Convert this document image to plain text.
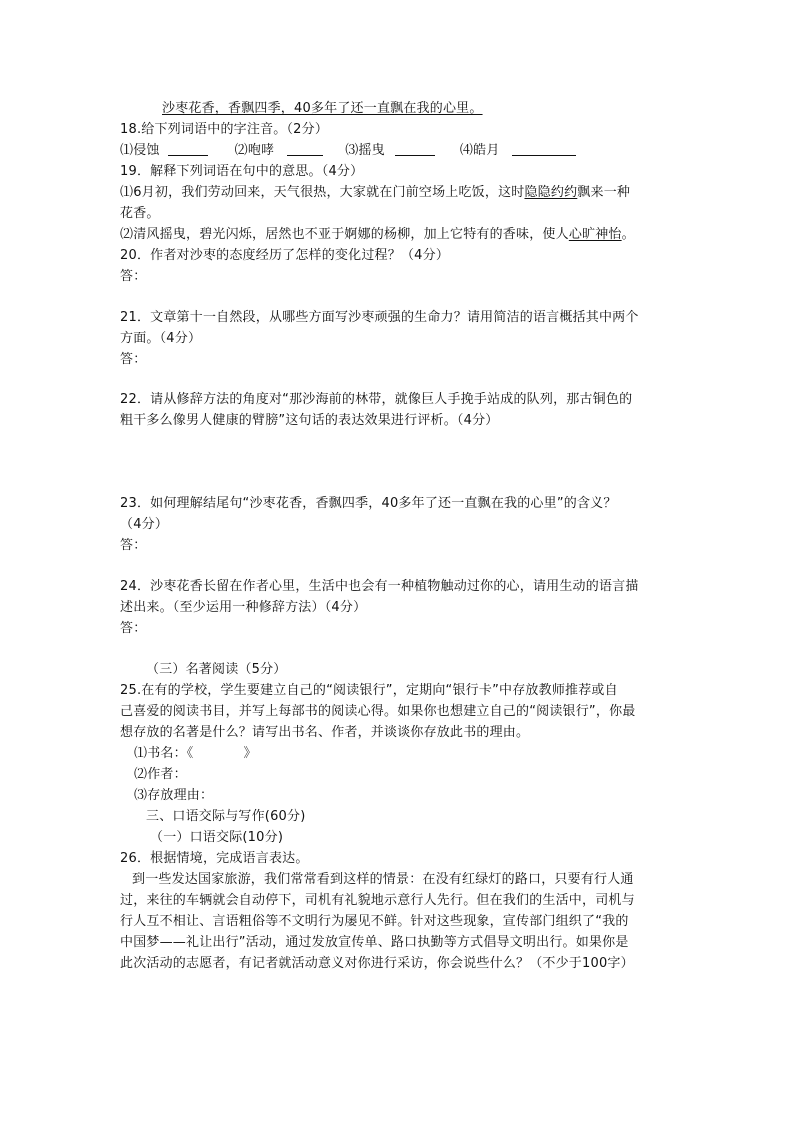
沙枣花香，香飘四季，40多年了还一直飘在我的心里。
18.给下列词语中的字注音。（2分）
⑴侵蚀	⑵咆哮	⑶摇曳	⑷皓月
19．解释下列词语在句中的意思。（4分）
⑴6月初，我们劳动回来，天气很热，大家就在门前空场上吃饭，这时隐隐约约飘来一种
花香。
⑵清风摇曳，碧光闪烁，居然也不亚于婀娜的杨柳，加上它特有的香味，使人心旷神怡。
20．作者对沙枣的态度经历了怎样的变化过程？（4分）
答：
21．文章第十一自然段，从哪些方面写沙枣顽强的生命力？请用简洁的语言概括其中两个
方面。（4分）
答：
22．请从修辞方法的角度对“那沙海前的林带，就像巨人手挽手站成的队列，那古铜色的
粗干多么像男人健康的臂膀”这句话的表达效果进行评析。（4分）
23．如何理解结尾句“沙枣花香，香飘四季，40多年了还一直飘在我的心里”的含义？
（4分）
答：
24．沙枣花香长留在作者心里，生活中也会有一种植物触动过你的心，请用生动的语言描
述出来。（至少运用一种修辞方法）（4分）
答：
（三）名著阅读（5分）
25.在有的学校，学生要建立自己的“阅读银行”，定期向“银行卡”中存放教师推荐或自
己喜爱的阅读书目，并写上每部书的阅读心得。如果你也想建立自己的“阅读银行”，你最
想存放的名著是什么？请写出书名、作者，并谈谈你存放此书的理由。
⑴书名：《	》
⑵作者：
⑶存放理由：
三、口语交际与写作(60分)
（一）口语交际(10分)
26．根据情境，完成语言表达。
到一些发达国家旅游，我们常常看到这样的情景：在没有红绿灯的路口，只要有行人通
过，来往的车辆就会自动停下，司机有礼貌地示意行人先行。但在我们的生活中，司机与
行人互不相让、言语粗俗等不文明行为屡见不鲜。针对这些现象，宣传部门组织了“我的
中国梦——礼让出行”活动，通过发放宣传单、路口执勤等方式倡导文明出行。如果你是
此次活动的志愿者，有记者就活动意义对你进行采访，你会说些什么？（不少于100字）
